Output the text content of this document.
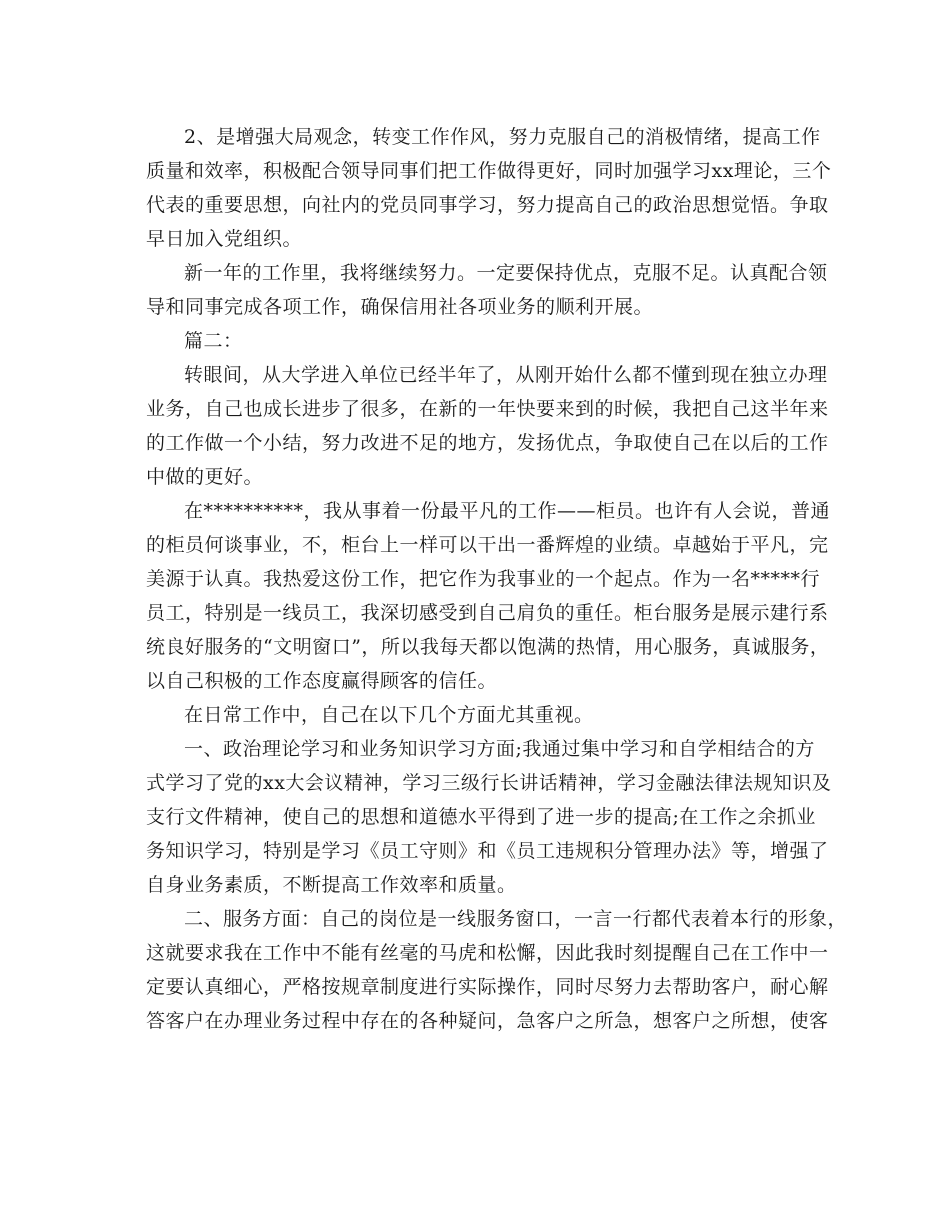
2、是增强大局观念，转变工作作风，努力克服自己的消极情绪，提高工作
质量和效率，积极配合领导同事们把工作做得更好，同时加强学习xx理论，三个
代表的重要思想，向社内的党员同事学习，努力提高自己的政治思想觉悟。争取
早日加入党组织。

新一年的工作里，我将继续努力。一定要保持优点，克服不足。认真配合领
导和同事完成各项工作，确保信用社各项业务的顺利开展。

篇二：

转眼间，从大学进入单位已经半年了，从刚开始什么都不懂到现在独立办理
业务，自己也成长进步了很多，在新的一年快要来到的时候，我把自己这半年来
的工作做一个小结，努力改进不足的地方，发扬优点，争取使自己在以后的工作
中做的更好。

在**********，我从事着一份最平凡的工作——柜员。也许有人会说，普通
的柜员何谈事业，不，柜台上一样可以干出一番辉煌的业绩。卓越始于平凡，完
美源于认真。我热爱这份工作，把它作为我事业的一个起点。作为一名*****行
员工，特别是一线员工，我深切感受到自己肩负的重任。柜台服务是展示建行系
统良好服务的“文明窗口”，所以我每天都以饱满的热情，用心服务，真诚服务，
以自己积极的工作态度赢得顾客的信任。

在日常工作中，自己在以下几个方面尤其重视。

一、政治理论学习和业务知识学习方面;我通过集中学习和自学相结合的方
式学习了党的xx大会议精神，学习三级行长讲话精神，学习金融法律法规知识及
支行文件精神，使自己的思想和道德水平得到了进一步的提高;在工作之余抓业
务知识学习，特别是学习《员工守则》和《员工违规积分管理办法》等，增强了
自身业务素质，不断提高工作效率和质量。

二、服务方面：自己的岗位是一线服务窗口，一言一行都代表着本行的形象，
这就要求我在工作中不能有丝毫的马虎和松懈，因此我时刻提醒自己在工作中一
定要认真细心，严格按规章制度进行实际操作，同时尽努力去帮助客户，耐心解
答客户在办理业务过程中存在的各种疑问，急客户之所急，想客户之所想，使客
